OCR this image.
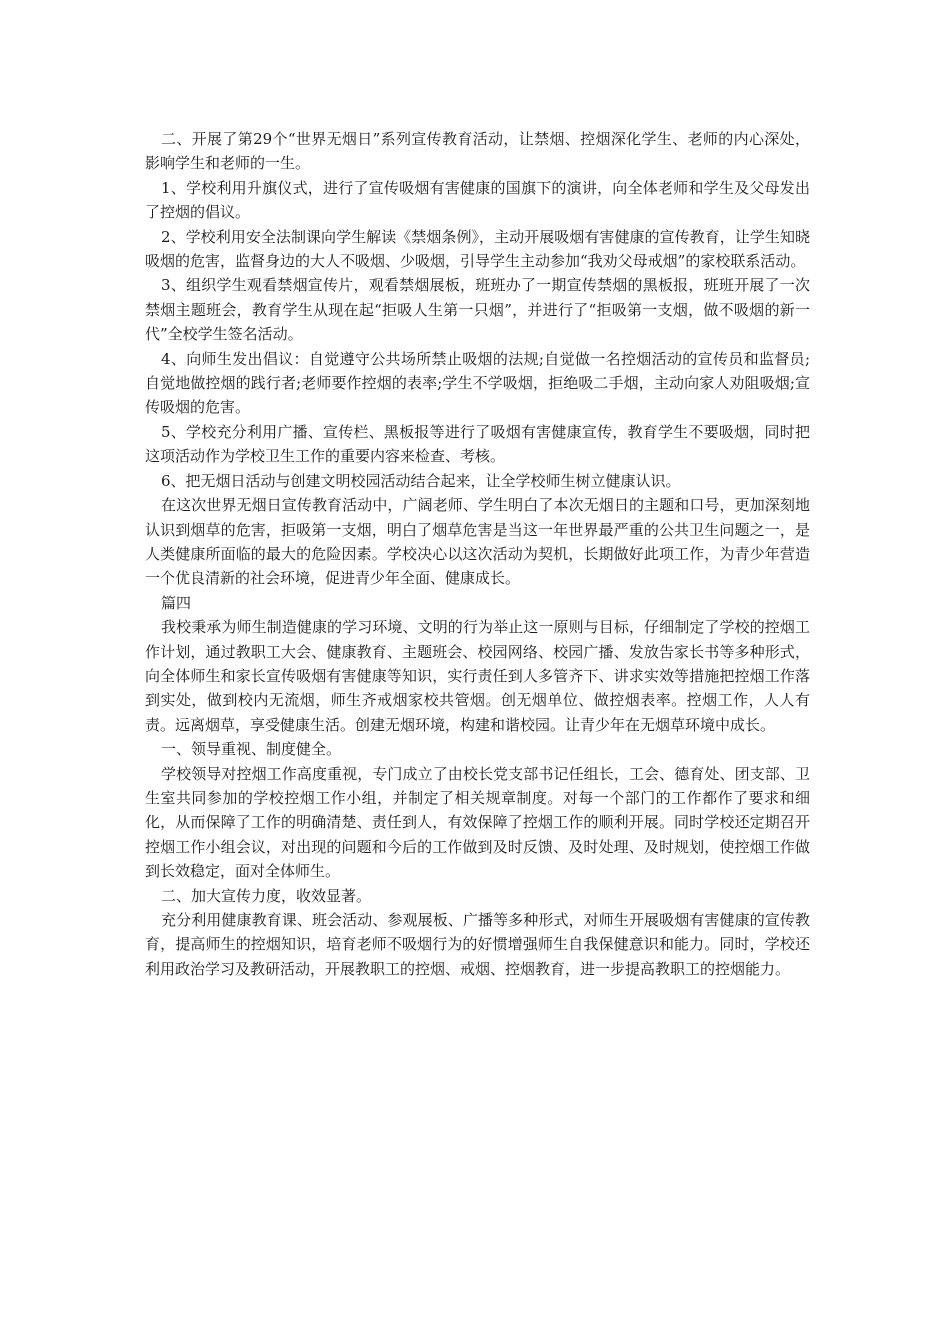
二、开展了第29个“世界无烟日”系列宣传教育活动，让禁烟、控烟深化学生、老师的内心深处，影响学生和老师的一生。

1、学校利用升旗仪式，进行了宣传吸烟有害健康的国旗下的演讲，向全体老师和学生及父母发出了控烟的倡议。

2、学校利用安全法制课向学生解读《禁烟条例》，主动开展吸烟有害健康的宣传教育，让学生知晓吸烟的危害，监督身边的大人不吸烟、少吸烟，引导学生主动参加“我劝父母戒烟”的家校联系活动。

3、组织学生观看禁烟宣传片，观看禁烟展板，班班办了一期宣传禁烟的黑板报，班班开展了一次禁烟主题班会，教育学生从现在起“拒吸人生第一只烟”，并进行了“拒吸第一支烟，做不吸烟的新一代”全校学生签名活动。

4、向师生发出倡议：自觉遵守公共场所禁止吸烟的法规;自觉做一名控烟活动的宣传员和监督员;自觉地做控烟的践行者;老师要作控烟的表率;学生不学吸烟，拒绝吸二手烟，主动向家人劝阻吸烟;宣传吸烟的危害。

5、学校充分利用广播、宣传栏、黑板报等进行了吸烟有害健康宣传，教育学生不要吸烟，同时把这项活动作为学校卫生工作的重要内容来检查、考核。

6、把无烟日活动与创建文明校园活动结合起来，让全学校师生树立健康认识。

在这次世界无烟日宣传教育活动中，广阔老师、学生明白了本次无烟日的主题和口号，更加深刻地认识到烟草的危害，拒吸第一支烟，明白了烟草危害是当这一年世界最严重的公共卫生问题之一，是人类健康所面临的最大的危险因素。学校决心以这次活动为契机，长期做好此项工作，为青少年营造一个优良清新的社会环境，促进青少年全面、健康成长。

篇四

我校秉承为师生制造健康的学习环境、文明的行为举止这一原则与目标，仔细制定了学校的控烟工作计划，通过教职工大会、健康教育、主题班会、校园网络、校园广播、发放告家长书等多种形式，向全体师生和家长宣传吸烟有害健康等知识，实行责任到人多管齐下、讲求实效等措施把控烟工作落到实处，做到校内无流烟，师生齐戒烟家校共管烟。创无烟单位、做控烟表率。控烟工作，人人有责。远离烟草，享受健康生活。创建无烟环境，构建和谐校园。让青少年在无烟草环境中成长。

一、领导重视、制度健全。

学校领导对控烟工作高度重视，专门成立了由校长党支部书记任组长，工会、德育处、团支部、卫生室共同参加的学校控烟工作小组，并制定了相关规章制度。对每一个部门的工作都作了要求和细化，从而保障了工作的明确清楚、责任到人，有效保障了控烟工作的顺利开展。同时学校还定期召开控烟工作小组会议，对出现的问题和今后的工作做到及时反馈、及时处理、及时规划，使控烟工作做到长效稳定，面对全体师生。

二、加大宣传力度，收效显著。

充分利用健康教育课、班会活动、参观展板、广播等多种形式，对师生开展吸烟有害健康的宣传教育，提高师生的控烟知识，培育老师不吸烟行为的好惯增强师生自我保健意识和能力。同时，学校还利用政治学习及教研活动，开展教职工的控烟、戒烟、控烟教育，进一步提高教职工的控烟能力。
